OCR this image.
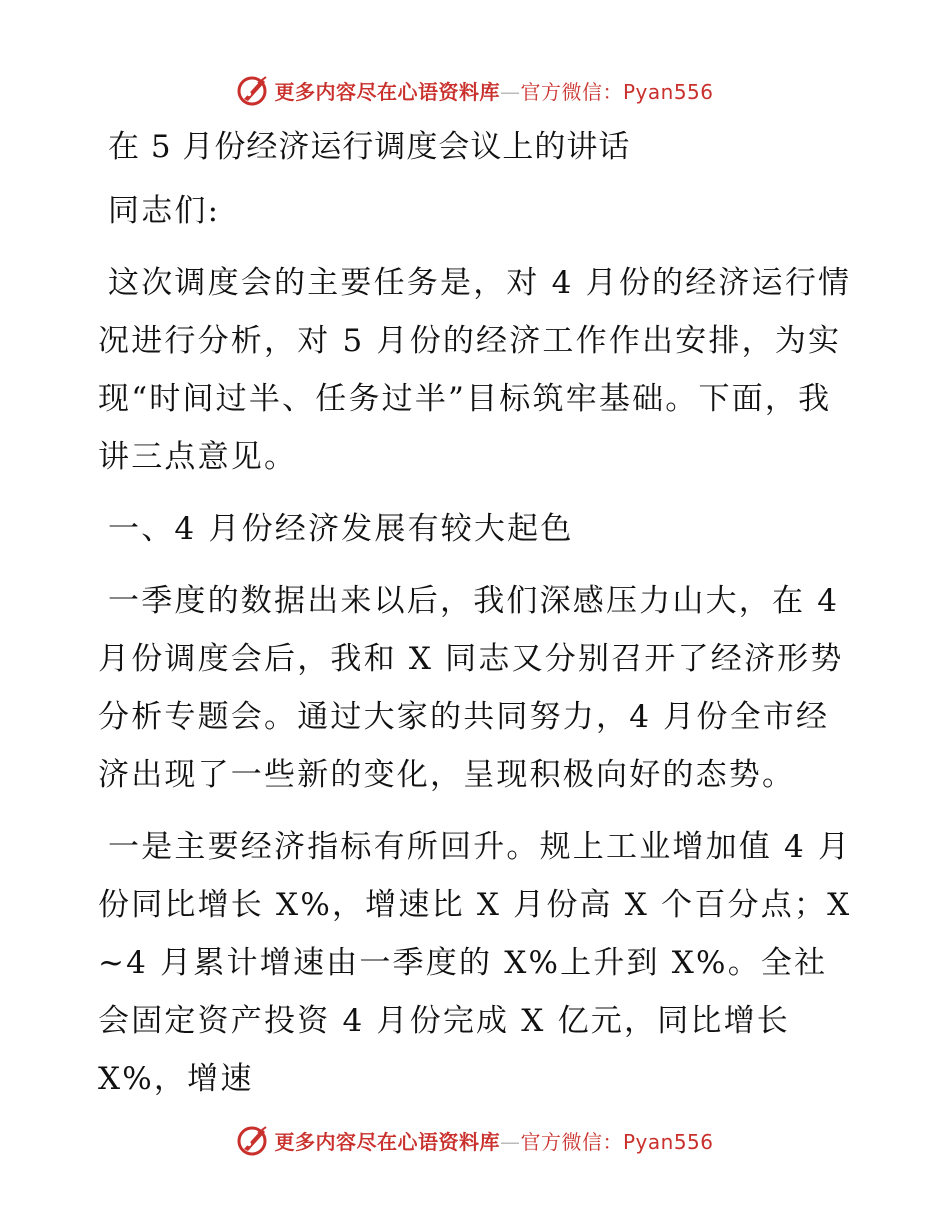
更多内容尽在心语资料库—官方微信：Pyan556
在 5 月份经济运行调度会议上的讲话

同志们:

这次调度会的主要任务是，对 4 月份的经济运行情况进行分析，对 5 月份的经济工作作出安排，为实现“时间过半、任务过半”目标筑牢基础。下面，我讲三点意见。

一、4 月份经济发展有较大起色

一季度的数据出来以后，我们深感压力山大，在 4 月份调度会后，我和 X 同志又分别召开了经济形势分析专题会。通过大家的共同努力，4 月份全市经济出现了一些新的变化，呈现积极向好的态势。

一是主要经济指标有所回升。规上工业增加值 4 月份同比增长 X%，增速比 X 月份高 X 个百分点；X ~4 月累计增速由一季度的 X%上升到 X%。全社会固定资产投资 4 月份完成 X 亿元，同比增长 X%，增速

更多内容尽在心语资料库—官方微信：Pyan556
